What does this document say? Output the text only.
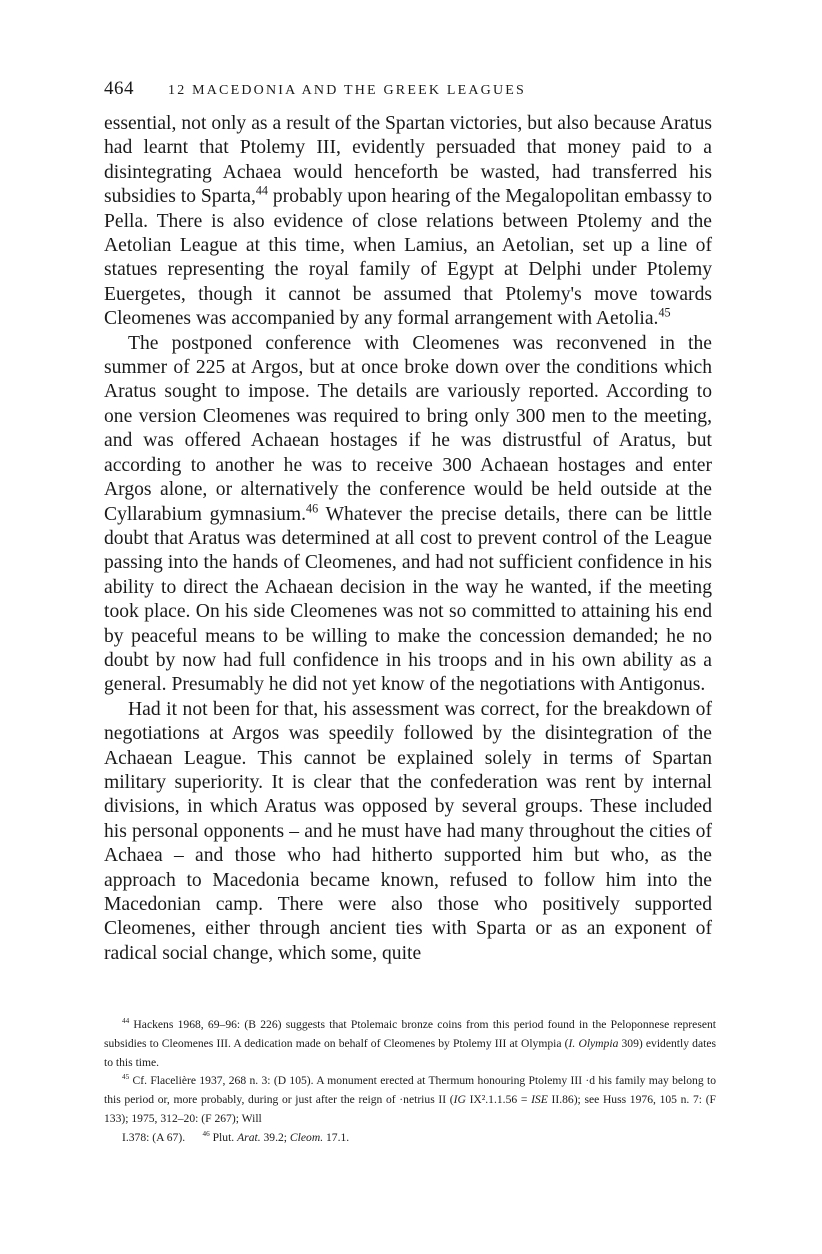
464 12 MACEDONIA AND THE GREEK LEAGUES

essential, not only as a result of the Spartan victories, but also because Aratus had learnt that Ptolemy III, evidently persuaded that money paid to a disintegrating Achaea would henceforth be wasted, had transferred his subsidies to Sparta,$^{44}$ probably upon hearing of the Megalopolitan embassy to Pella. There is also evidence of close relations between Ptolemy and the Aetolian League at this time, when Lamius, an Aetolian, set up a line of statues representing the royal family of Egypt at Delphi under Ptolemy Euergetes, though it cannot be assumed that Ptolemy's move towards Cleomenes was accompanied by any formal arrangement with Aetolia.$^{45}$

The postponed conference with Cleomenes was reconvened in the summer of 225 at Argos, but at once broke down over the conditions which Aratus sought to impose. The details are variously reported. According to one version Cleomenes was required to bring only 300 men to the meeting, and was offered Achaean hostages if he was distrustful of Aratus, but according to another he was to receive 300 Achaean hostages and enter Argos alone, or alternatively the conference would be held outside at the Cyllarabium gymnasium.$^{46}$ Whatever the precise details, there can be little doubt that Aratus was determined at all cost to prevent control of the League passing into the hands of Cleomenes, and had not sufficient confidence in his ability to direct the Achaean decision in the way he wanted, if the meeting took place. On his side Cleomenes was not so committed to attaining his end by peaceful means to be willing to make the concession demanded; he no doubt by now had full confidence in his troops and in his own ability as a general. Presumably he did not yet know of the negotiations with Antigonus.

Had it not been for that, his assessment was correct, for the breakdown of negotiations at Argos was speedily followed by the disintegration of the Achaean League. This cannot be explained solely in terms of Spartan military superiority. It is clear that the confederation was rent by internal divisions, in which Aratus was opposed by several groups. These included his personal opponents – and he must have had many throughout the cities of Achaea – and those who had hitherto supported him but who, as the approach to Macedonia became known, refused to follow him into the Macedonian camp. There were also those who positively supported Cleomenes, either through ancient ties with Sparta or as an exponent of radical social change, which some, quite

$^{44}$ Hackens 1968, 69–96: (B 226) suggests that Ptolemaic bronze coins from this period found in the Peloponnese represent subsidies to Cleomenes III. A dedication made on behalf of Cleomenes by Ptolemy III at Olympia (I. Olympia 309) evidently dates to this time.

$^{45}$ Cf. Flacelière 1937, 268 n. 3: (D 105). A monument erected at Thermum honouring Ptolemy III ·d his family may belong to this period or, more probably, during or just after the reign of ·netrius II (IG IX².1.1.56 = ISE II.86); see Huss 1976, 105 n. 7: (F 133); 1975, 312–20: (F 267); Will

I.378: (A 67). $^{46}$ Plut. Arat. 39.2; Cleom. 17.1.
